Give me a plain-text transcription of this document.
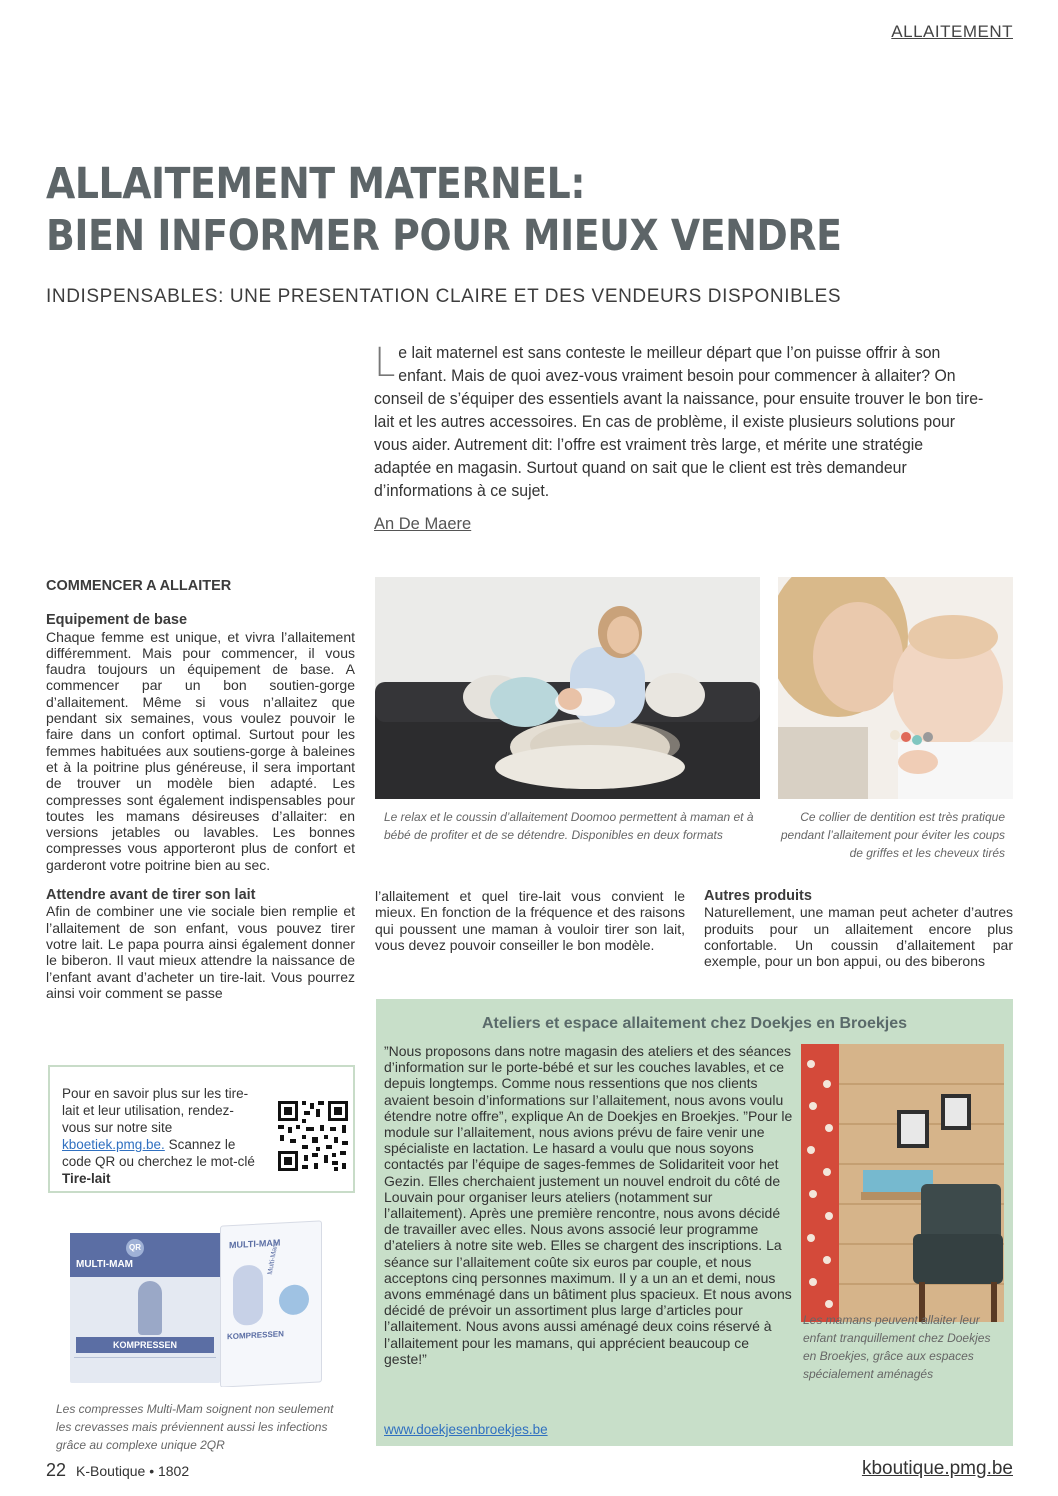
ALLAITEMENT
ALLAITEMENT MATERNEL:
BIEN INFORMER POUR MIEUX VENDRE
INDISPENSABLES: UNE PRESENTATION CLAIRE ET DES VENDEURS DISPONIBLES
Le lait maternel est sans conteste le meilleur départ que l’on puisse offrir à son enfant. Mais de quoi avez-vous vraiment besoin pour commencer à allaiter? On conseil de s’équiper des essentiels avant la naissance, pour ensuite trouver le bon tire-lait et les autres accessoires. En cas de problème, il existe plusieurs solutions pour vous aider. Autrement dit: l’offre est vraiment très large, et mérite une stratégie adaptée en magasin. Surtout quand on sait que le client est très demandeur d’informations à ce sujet.
An De Maere
COMMENCER A ALLAITER
Equipement de base

Chaque femme est unique, et vivra l’allaitement différemment. Mais pour commencer, il vous faudra toujours un équipement de base. A commencer par un bon soutien-gorge d’allaitement. Même si vous n’allaitez que pendant six semaines, vous voulez pouvoir le faire dans un confort optimal. Surtout pour les femmes habituées aux soutiens-gorge à baleines et à la poitrine plus généreuse, il sera important de trouver un modèle bien adapté. Les compresses sont également indispensables pour toutes les mamans désireuses d’allaiter: en versions jetables ou lavables. Les bonnes compresses vous apporteront plus de confort et garderont votre poitrine bien au sec.

Attendre avant de tirer son lait

Afin de combiner une vie sociale bien remplie et l’allaitement de son enfant, vous pouvez tirer votre lait. Le papa pourra ainsi également donner le biberon. Il vaut mieux attendre la naissance de l’enfant avant d’acheter un tire-lait. Vous pourrez ainsi voir comment se passe

Le relax et le coussin d’allaitement Doomoo permettent à maman et à bébé de profiter et de se détendre. Disponibles en deux formats
Ce collier de dentition est très pratique pendant l’allaitement pour éviter les coups de griffes et les cheveux tirés

l’allaitement et quel tire-lait vous convient le mieux. En fonction de la fréquence et des raisons qui poussent une maman à vouloir tirer son lait, vous devez pouvoir conseiller le bon modèle.

Autres produits

Naturellement, une maman peut acheter d’autres produits pour un allaitement encore plus confortable. Un coussin d’allaitement par exemple, pour un bon appui, ou des biberons

Pour en savoir plus sur les tire-lait et leur utilisation, rendez-vous sur notre site kboetiek.pmg.be. Scannez le code QR ou cherchez le mot-clé Tire-lait
MULTI-MAM
KOMPRESSEN
QR	MULTI-MAM
Multi-Mam
KOMPRESSEN
Les compresses Multi-Mam soignent non seulement les crevasses mais préviennent aussi les infections grâce au complexe unique 2QR
Ateliers et espace allaitement chez Doekjes en Broekjes
”Nous proposons dans notre magasin des ateliers et des séances d’information sur le porte-bébé et sur les couches lavables, et ce depuis longtemps. Comme nous ressentions que nos clients avaient besoin d’informations sur l’allaitement, nous avons voulu étendre notre offre”, explique An de Doekjes en Broekjes. ”Pour le module sur l’allaitement, nous avions prévu de faire venir une spécialiste en lactation. Le hasard a voulu que nous soyons contactés par l’équipe de sages-femmes de Solidariteit voor het Gezin. Elles cherchaient justement un nouvel endroit du côté de Louvain pour organiser leurs ateliers (notamment sur l’allaitement). Après une première rencontre, nous avons décidé de travailler avec elles. Nous avons associé leur programme d’ateliers à notre site web. Elles se chargent des inscriptions. La séance sur l’allaitement coûte six euros par couple, et nous acceptons cinq personnes maximum. Il y a un an et demi, nous avons emménagé dans un bâtiment plus spacieux. Et nous avons décidé de prévoir un assortiment plus large d’articles pour l’allaitement. Nous avons aussi aménagé deux coins réservé à l’allaitement pour les mamans, qui apprécient beaucoup ce geste!”
Les mamans peuvent allaiter leur enfant tranquillement chez Doekjes en Broekjes, grâce aux espaces spécialement aménagés
www.doekjesenbroekjes.be
22 K-Boutique • 1802	kboutique.pmg.be
